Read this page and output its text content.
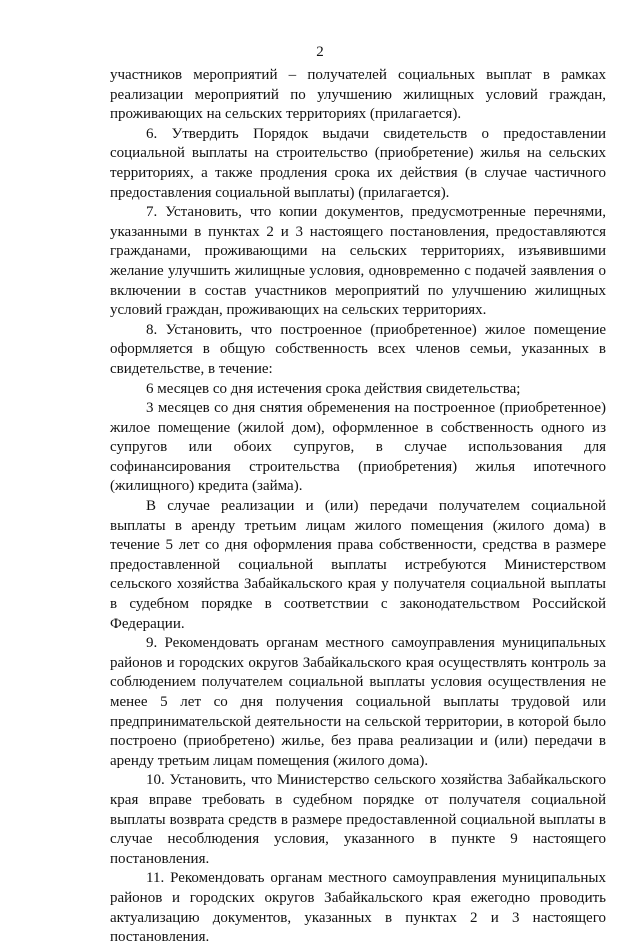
2

участников мероприятий – получателей социальных выплат в рамках реализации мероприятий по улучшению жилищных условий граждан, проживающих на сельских территориях (прилагается).

6. Утвердить Порядок выдачи свидетельств о предоставлении социальной выплаты на строительство (приобретение) жилья на сельских территориях, а также продления срока их действия (в случае частичного предоставления социальной выплаты) (прилагается).

7. Установить, что копии документов, предусмотренные перечнями, указанными в пунктах 2 и 3 настоящего постановления, предоставляются гражданами, проживающими на сельских территориях, изъявившими желание улучшить жилищные условия, одновременно с подачей заявления о включении в состав участников мероприятий по улучшению жилищных условий граждан, проживающих на сельских территориях.

8. Установить, что построенное (приобретенное) жилое помещение оформляется в общую собственность всех членов семьи, указанных в свидетельстве, в течение:

6 месяцев со дня истечения срока действия свидетельства;

3 месяцев со дня снятия обременения на построенное (приобретенное) жилое помещение (жилой дом), оформленное в собственность одного из супругов или обоих супругов, в случае использования для софинансирования строительства (приобретения) жилья ипотечного (жилищного) кредита (займа).

В случае реализации и (или) передачи получателем социальной выплаты в аренду третьим лицам жилого помещения (жилого дома) в течение 5 лет со дня оформления права собственности, средства в размере предоставленной социальной выплаты истребуются Министерством сельского хозяйства Забайкальского края у получателя социальной выплаты в судебном порядке в соответствии с законодательством Российской Федерации.

9. Рекомендовать органам местного самоуправления муниципальных районов и городских округов Забайкальского края осуществлять контроль за соблюдением получателем социальной выплаты условия осуществления не менее 5 лет со дня получения социальной выплаты трудовой или предпринимательской деятельности на сельской территории, в которой было построено (приобретено) жилье, без права реализации и (или) передачи в аренду третьим лицам помещения (жилого дома).

10. Установить, что Министерство сельского хозяйства Забайкальского края вправе требовать в судебном порядке от получателя социальной выплаты возврата средств в размере предоставленной социальной выплаты в случае несоблюдения условия, указанного в пункте 9 настоящего постановления.

11. Рекомендовать органам местного самоуправления муниципальных районов и городских округов Забайкальского края ежегодно проводить актуализацию документов, указанных в пунктах 2 и 3 настоящего постановления.
